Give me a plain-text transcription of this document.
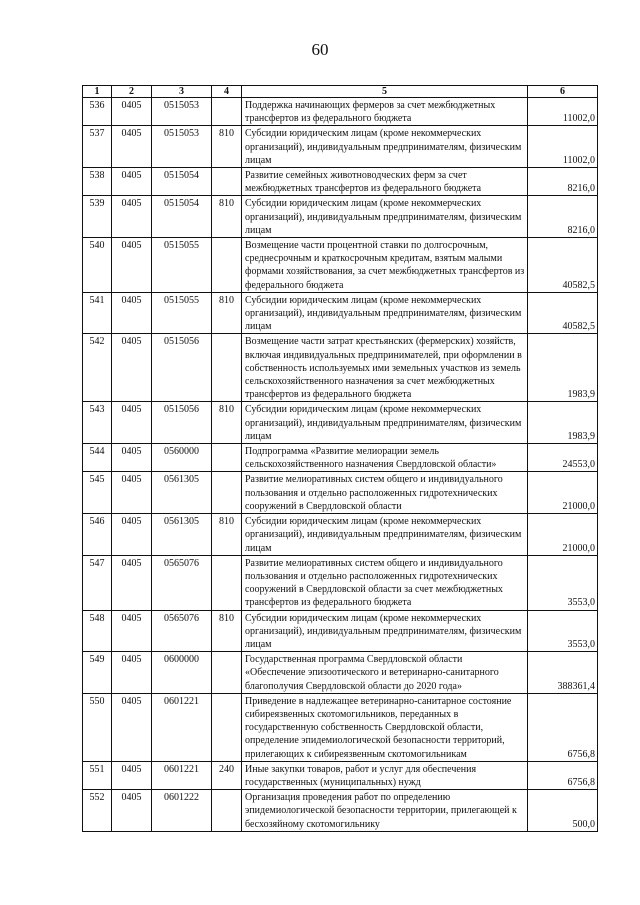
60
1	2	3	4	5	6
536	0405	0515053		Поддержка начинающих фермеров за счет межбюджетных трансфертов из федерального бюджета	11002,0
537	0405	0515053	810	Субсидии юридическим лицам (кроме некоммерческих организаций), индивидуальным предпринимателям, физическим лицам	11002,0
538	0405	0515054		Развитие семейных животноводческих ферм за счет межбюджетных трансфертов из федерального бюджета	8216,0
539	0405	0515054	810	Субсидии юридическим лицам (кроме некоммерческих организаций), индивидуальным предпринимателям, физическим лицам	8216,0
540	0405	0515055		Возмещение части процентной ставки по долгосрочным, среднесрочным и краткосрочным кредитам, взятым малыми формами хозяйствования, за счет межбюджетных трансфертов из федерального бюджета	40582,5
541	0405	0515055	810	Субсидии юридическим лицам (кроме некоммерческих организаций), индивидуальным предпринимателям, физическим лицам	40582,5
542	0405	0515056		Возмещение части затрат крестьянских (фермерских) хозяйств, включая индивидуальных предпринимателей, при оформлении в собственность используемых ими земельных участков из земель сельскохозяйственного назначения за счет межбюджетных трансфертов из федерального бюджета	1983,9
543	0405	0515056	810	Субсидии юридическим лицам (кроме некоммерческих организаций), индивидуальным предпринимателям, физическим лицам	1983,9
544	0405	0560000		Подпрограмма «Развитие мелиорации земель сельскохозяйственного назначения Свердловской области»	24553,0
545	0405	0561305		Развитие мелиоративных систем общего и индивидуального пользования и отдельно расположенных гидротехнических сооружений в Свердловской области	21000,0
546	0405	0561305	810	Субсидии юридическим лицам (кроме некоммерческих организаций), индивидуальным предпринимателям, физическим лицам	21000,0
547	0405	0565076		Развитие мелиоративных систем общего и индивидуального пользования и отдельно расположенных гидротехнических сооружений в Свердловской области за счет межбюджетных трансфертов из федерального бюджета	3553,0
548	0405	0565076	810	Субсидии юридическим лицам (кроме некоммерческих организаций), индивидуальным предпринимателям, физическим лицам	3553,0
549	0405	0600000		Государственная программа Свердловской области «Обеспечение эпизоотического и ветеринарно-санитарного благополучия Свердловской области до 2020 года»	388361,4
550	0405	0601221		Приведение в надлежащее ветеринарно-санитарное состояние сибиреязвенных скотомогильников, переданных в государственную собственность Свердловской области, определение эпидемиологической безопасности территорий, прилегающих к сибиреязвенным скотомогильникам	6756,8
551	0405	0601221	240	Иные закупки товаров, работ и услуг для обеспечения государственных (муниципальных) нужд	6756,8
552	0405	0601222		Организация проведения работ по определению эпидемиологической безопасности территории, прилегающей к бесхозяйному скотомогильнику	500,0
